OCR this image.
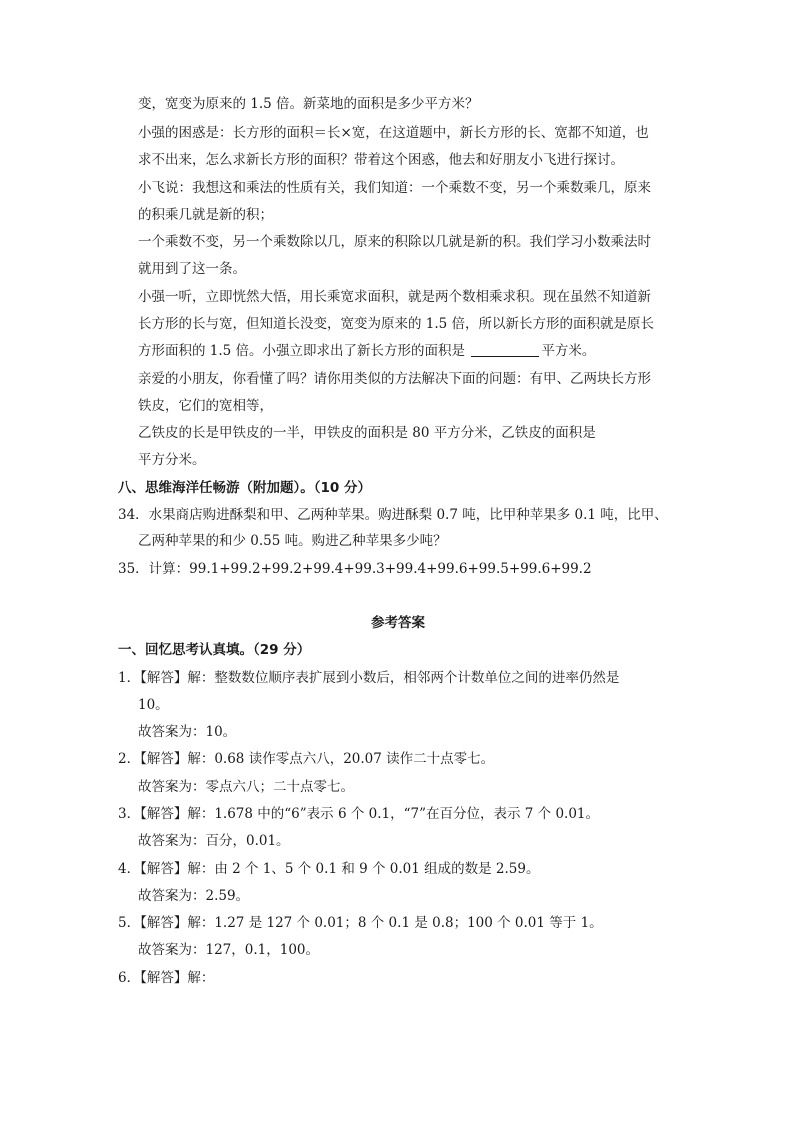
变，宽变为原来的 1.5 倍。新菜地的面积是多少平方米？
小强的困惑是：长方形的面积＝长×宽，在这道题中，新长方形的长、宽都不知道，也
求不出来，怎么求新长方形的面积？带着这个困惑，他去和好朋友小飞进行探讨。
小飞说：我想这和乘法的性质有关，我们知道：一个乘数不变，另一个乘数乘几，原来
的积乘几就是新的积；
一个乘数不变，另一个乘数除以几，原来的积除以几就是新的积。我们学习小数乘法时
就用到了这一条。
小强一听，立即恍然大悟，用长乘宽求面积，就是两个数相乘求积。现在虽然不知道新
长方形的长与宽，但知道长没变，宽变为原来的 1.5 倍，所以新长方形的面积就是原长
方形面积的 1.5 倍。小强立即求出了新长方形的面积是	平方米。
亲爱的小朋友，你看懂了吗？请你用类似的方法解决下面的问题：有甲、乙两块长方形
铁皮，它们的宽相等，
乙铁皮的长是甲铁皮的一半，甲铁皮的面积是 80 平方分米，乙铁皮的面积是
平方分米。
八、思维海洋任畅游（附加题）。（10 分）
34．水果商店购进酥梨和甲、乙两种苹果。购进酥梨 0.7 吨，比甲种苹果多 0.1 吨，比甲、
乙两种苹果的和少 0.55 吨。购进乙种苹果多少吨？
35．计算：99.1+99.2+99.2+99.4+99.3+99.4+99.6+99.5+99.6+99.2
参考答案
一、回忆思考认真填。（29 分）
1．【解答】解：整数数位顺序表扩展到小数后，相邻两个计数单位之间的进率仍然是
10。
故答案为：10。
2．【解答】解：0.68 读作零点六八，20.07 读作二十点零七。
故答案为：零点六八；二十点零七。
3．【解答】解：1.678 中的“6”表示 6 个 0.1，“7”在百分位，表示 7 个 0.01。
故答案为：百分，0.01。
4．【解答】解：由 2 个 1、5 个 0.1 和 9 个 0.01 组成的数是 2.59。
故答案为：2.59。
5．【解答】解：1.27 是 127 个 0.01；8 个 0.1 是 0.8；100 个 0.01 等于 1。
故答案为：127，0.1，100。
6．【解答】解：
